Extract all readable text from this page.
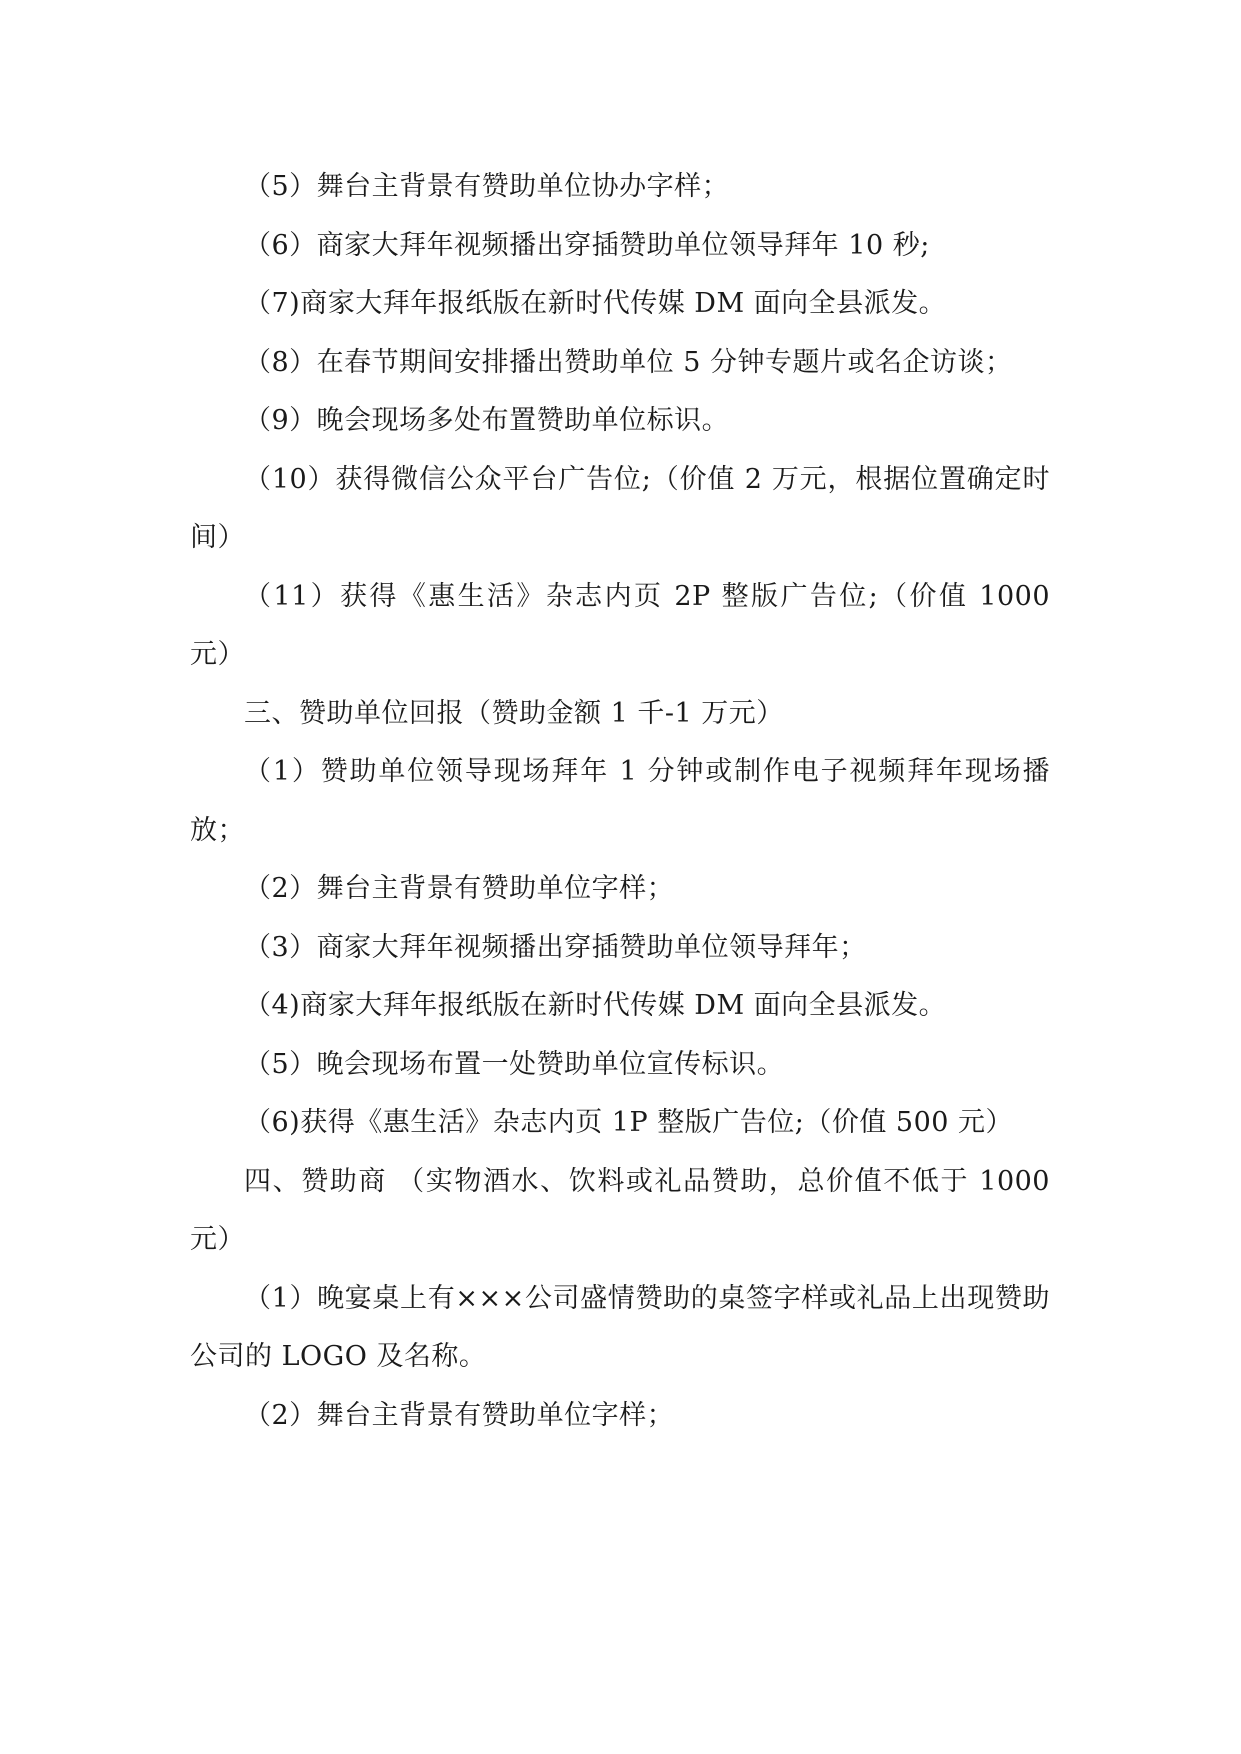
（5）舞台主背景有赞助单位协办字样；

（6）商家大拜年视频播出穿插赞助单位领导拜年 10 秒;

（7)商家大拜年报纸版在新时代传媒 DM 面向全县派发。

（8）在春节期间安排播出赞助单位 5 分钟专题片或名企访谈；

（9）晚会现场多处布置赞助单位标识。

（10）获得微信公众平台广告位;（价值 2 万元，根据位置确定时间）

（11）获得《惠生活》杂志内页 2P 整版广告位;（价值 1000 元）

三、赞助单位回报（赞助金额 1 千-1 万元）

（1）赞助单位领导现场拜年 1 分钟或制作电子视频拜年现场播放；

（2）舞台主背景有赞助单位字样；

（3）商家大拜年视频播出穿插赞助单位领导拜年；

（4)商家大拜年报纸版在新时代传媒 DM 面向全县派发。

（5）晚会现场布置一处赞助单位宣传标识。

（6)获得《惠生活》杂志内页 1P 整版广告位;（价值 500 元）

四、赞助商 （实物酒水、饮料或礼品赞助，总价值不低于 1000 元）

（1）晚宴桌上有×××公司盛情赞助的桌签字样或礼品上出现赞助公司的 LOGO 及名称。

（2）舞台主背景有赞助单位字样；
